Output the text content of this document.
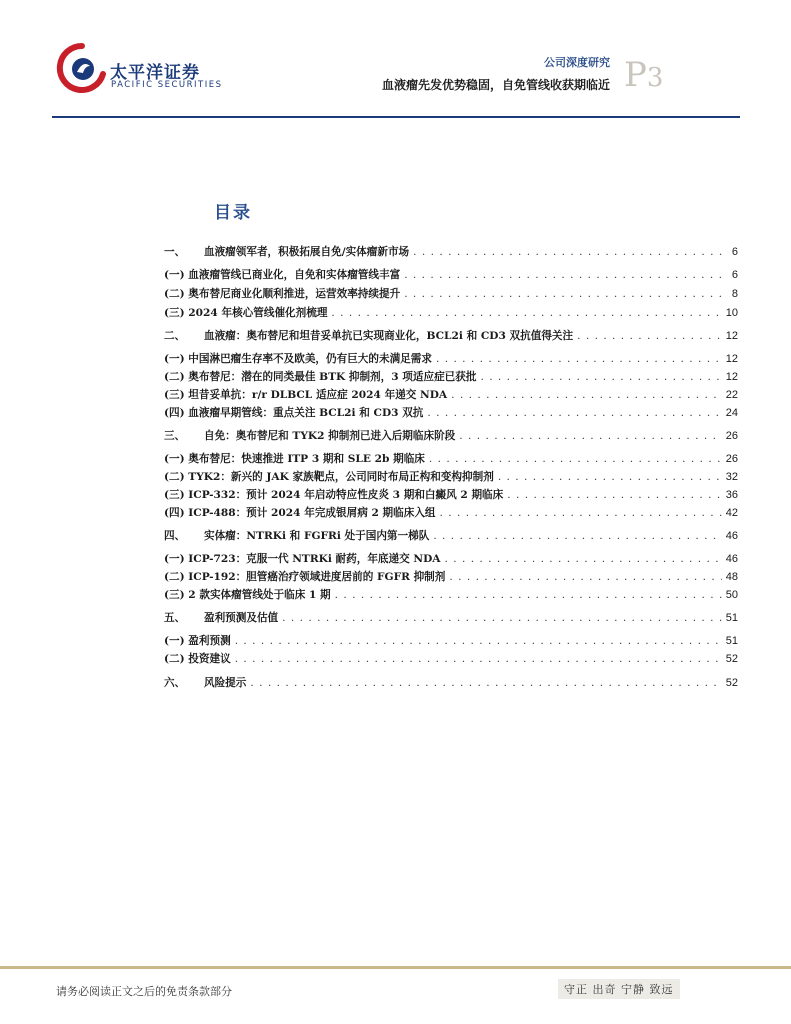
太平洋证券
PACIFIC SECURITIES
公司深度研究
血液瘤先发优势稳固，自免管线收获期临近 P3
目录
一、	血液瘤领军者，积极拓展自免/实体瘤新市场 . . .	6
(一) 血液瘤管线已商业化，自免和实体瘤管线丰富 . . .	6
(二) 奥布替尼商业化顺利推进，运营效率持续提升 . . .	8
(三) 2024 年核心管线催化剂梳理 . . .	10
二、	血液瘤：奥布替尼和坦昔妥单抗已实现商业化，BCL2i 和 CD3 双抗值得关注 . . .	12
(一) 中国淋巴瘤生存率不及欧美，仍有巨大的未满足需求 . . .	12
(二) 奥布替尼：潜在的同类最佳 BTK 抑制剂，3 项适应症已获批 . . .	12
(三) 坦昔妥单抗：r/r DLBCL 适应症 2024 年递交 NDA . . .	22
(四) 血液瘤早期管线：重点关注 BCL2i 和 CD3 双抗 . . .	24
三、	自免：奥布替尼和 TYK2 抑制剂已进入后期临床阶段 . . .	26
(一) 奥布替尼：快速推进 ITP 3 期和 SLE 2b 期临床 . . .	26
(二) TYK2：新兴的 JAK 家族靶点，公司同时布局正构和变构抑制剂 . . .	32
(三) ICP-332：预计 2024 年启动特应性皮炎 3 期和白癜风 2 期临床 . . .	36
(四) ICP-488：预计 2024 年完成银屑病 2 期临床入组 . . .	42
四、	实体瘤：NTRKi 和 FGFRi 处于国内第一梯队 . . .	46
(一) ICP-723：克服一代 NTRKi 耐药，年底递交 NDA . . .	46
(二) ICP-192：胆管癌治疗领域进度居前的 FGFR 抑制剂 . . .	48
(三) 2 款实体瘤管线处于临床 1 期 . . .	50
五、	盈利预测及估值 . . .	51
(一) 盈利预测 . . .	51
(二) 投资建议 . . .	52
六、	风险提示 . . .	52
请务必阅读正文之后的免责条款部分	守正 出奇 宁静 致远
